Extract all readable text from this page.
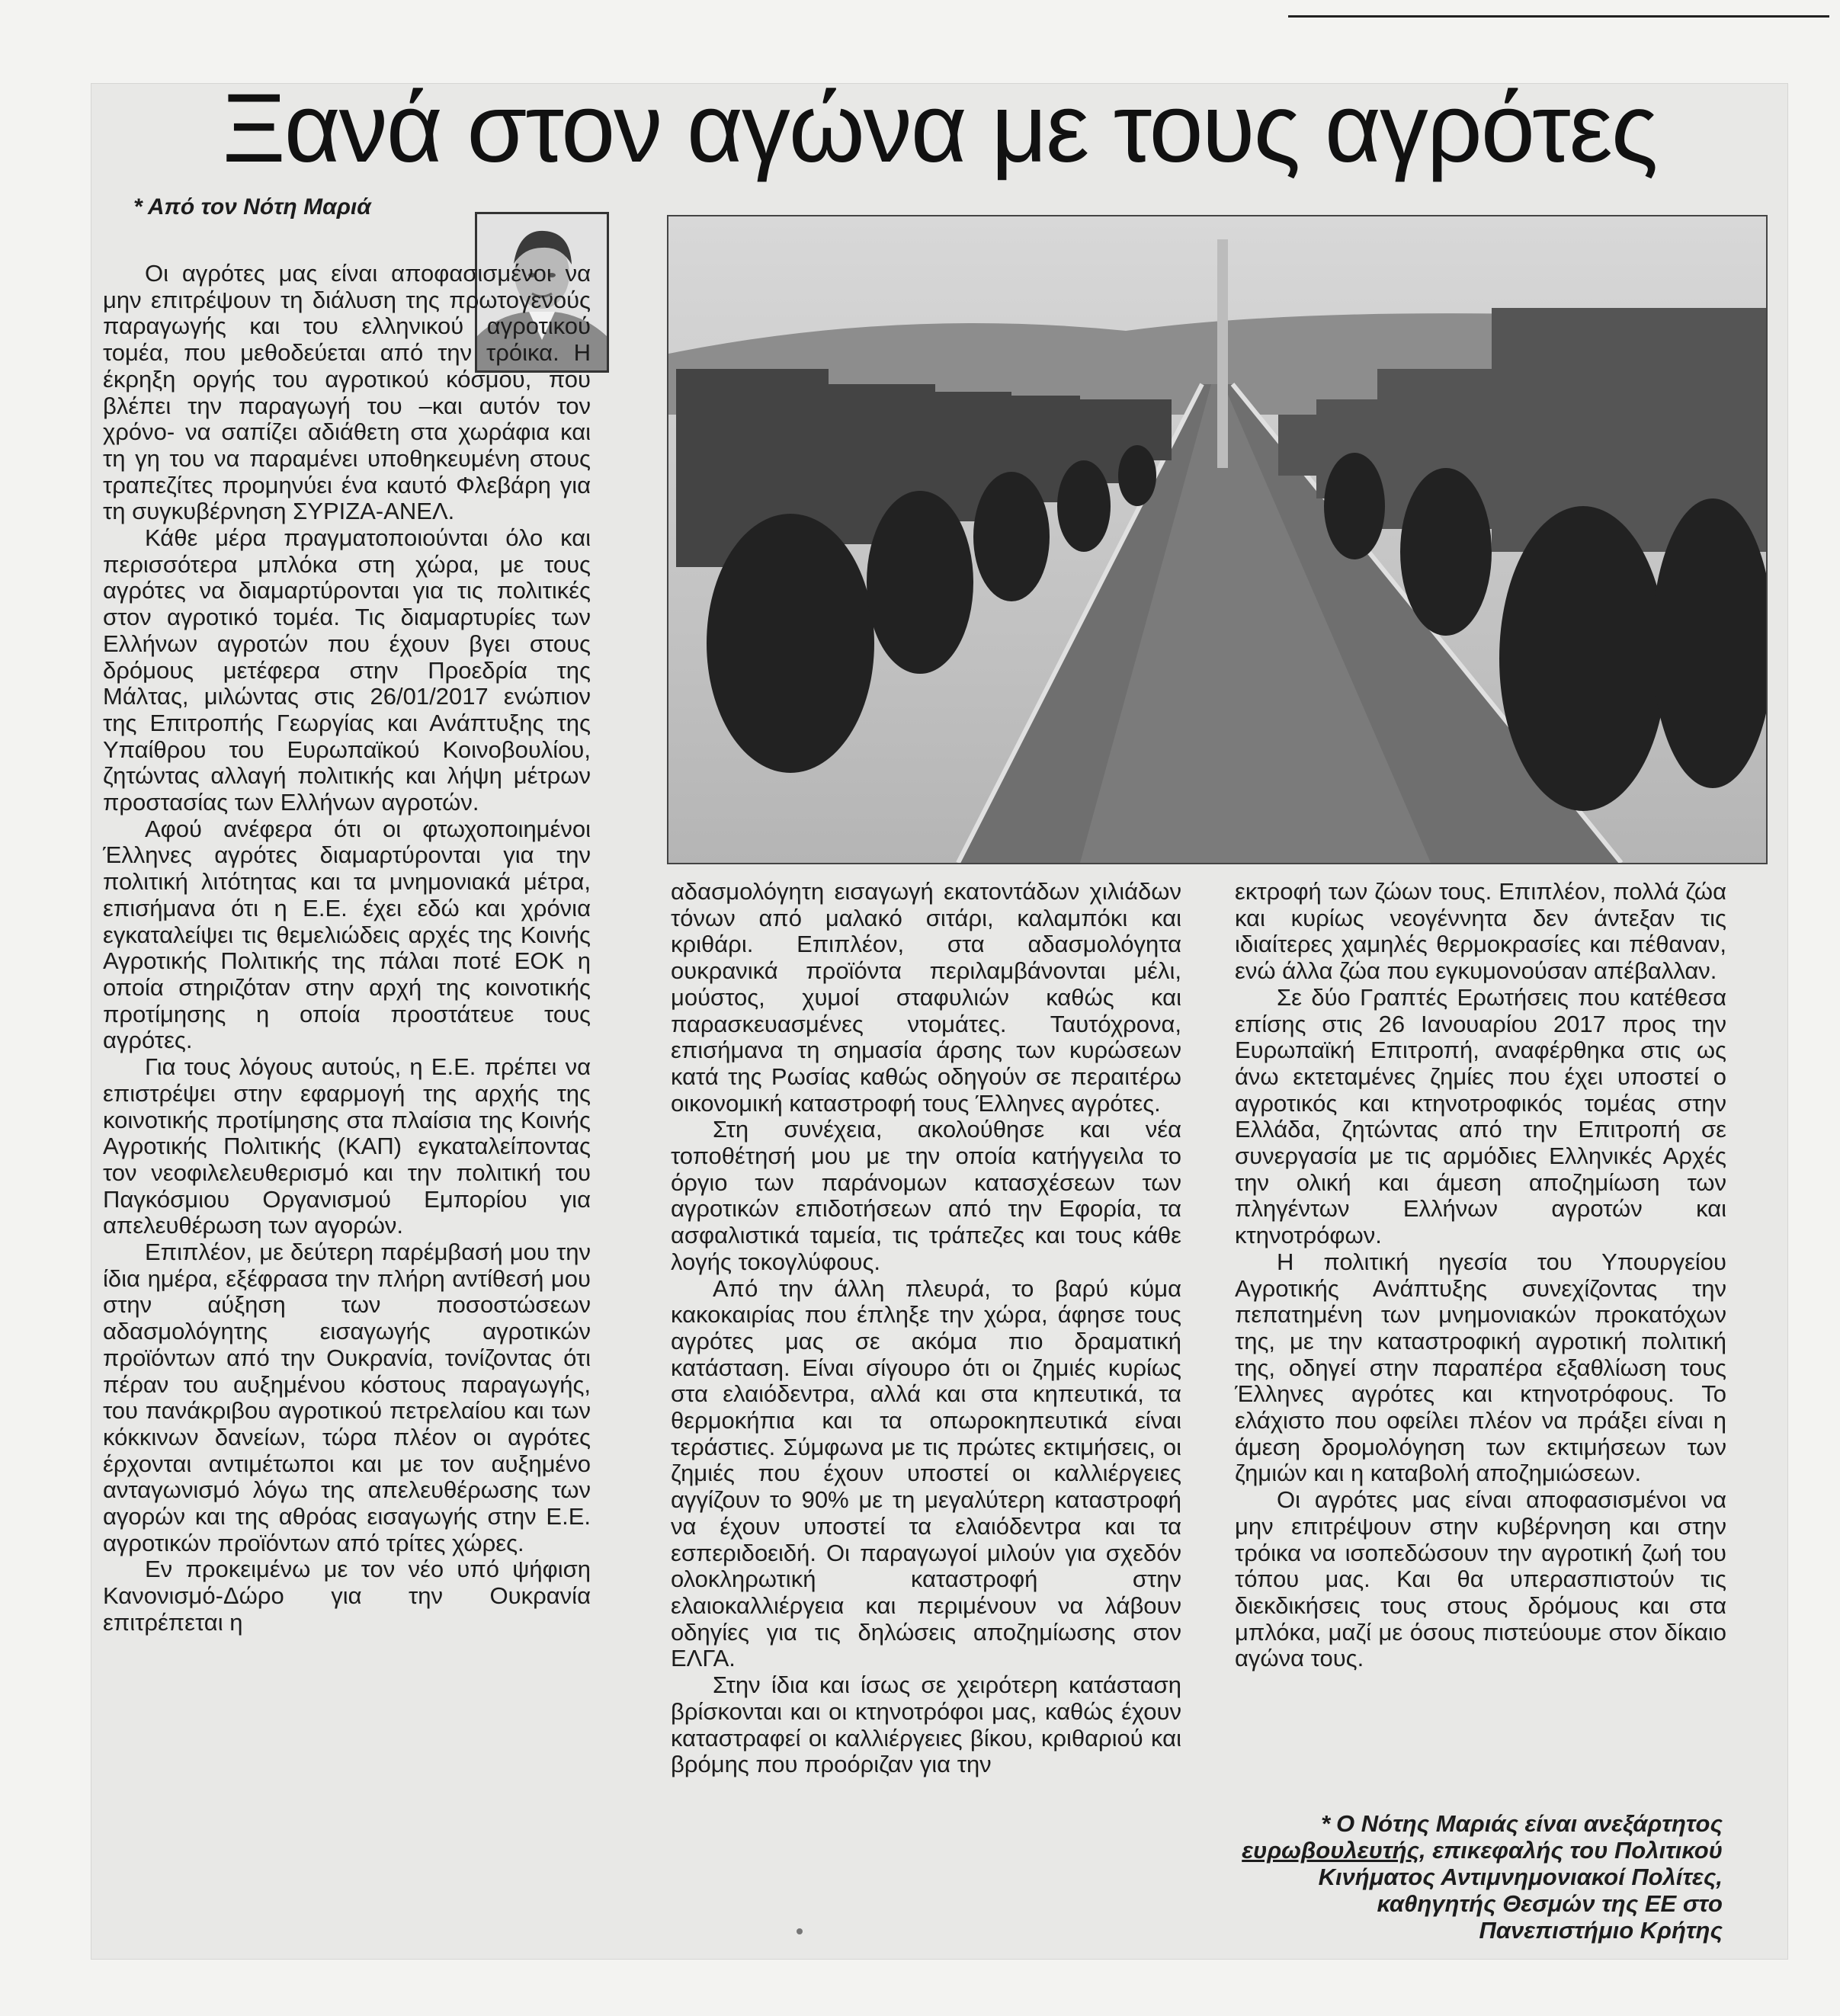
Ξανά στον αγώνα με τους αγρότες
* Από τον Νότη Μαριά

Οι αγρότες μας είναι αποφασισμένοι να μην επιτρέψουν τη διάλυση της πρωτογενούς παραγωγής και του ελληνικού αγροτικού τομέα, που μεθοδεύεται από την τρόικα. Η έκρηξη οργής του αγροτικού κόσμου, που βλέπει την παραγωγή του –και αυτόν τον χρόνο- να σαπίζει αδιάθετη στα χωράφια και τη γη του να παραμένει υποθηκευμένη στους τραπεζίτες προμηνύει ένα καυτό Φλεβάρη για τη συγκυβέρνηση ΣΥΡΙΖΑ-ΑΝΕΛ.

Κάθε μέρα πραγματοποιούνται όλο και περισσότερα μπλόκα στη χώρα, με τους αγρότες να διαμαρτύρονται για τις πολιτικές στον αγροτικό τομέα. Τις διαμαρτυρίες των Ελλήνων αγροτών που έχουν βγει στους δρόμους μετέφερα στην Προεδρία της Μάλτας, μιλώντας στις 26/01/2017 ενώπιον της Επιτροπής Γεωργίας και Ανάπτυξης της Υπαίθρου του Ευρωπαϊκού Κοινοβουλίου, ζητώντας αλλαγή πολιτικής και λήψη μέτρων προστασίας των Ελλήνων αγροτών.

Αφού ανέφερα ότι οι φτωχοποιημένοι Έλληνες αγρότες διαμαρτύρονται για την πολιτική λιτότητας και τα μνημονιακά μέτρα, επισήμανα ότι η Ε.Ε. έχει εδώ και χρόνια εγκαταλείψει τις θεμελιώδεις αρχές της Κοινής Αγροτικής Πολιτικής της πάλαι ποτέ ΕΟΚ η οποία στηριζόταν στην αρχή της κοινοτικής προτίμησης η οποία προστάτευε τους αγρότες.

Για τους λόγους αυτούς, η Ε.Ε. πρέπει να επιστρέψει στην εφαρμογή της αρχής της κοινοτικής προτίμησης στα πλαίσια της Κοινής Αγροτικής Πολιτικής (ΚΑΠ) εγκαταλείποντας τον νεοφιλελευθερισμό και την πολιτική του Παγκόσμιου Οργανισμού Εμπορίου για απελευθέρωση των αγορών.

Επιπλέον, με δεύτερη παρέμβασή μου την ίδια ημέρα, εξέφρασα την πλήρη αντίθεσή μου στην αύξηση των ποσοστώσεων αδασμολόγητης εισαγωγής αγροτικών προϊόντων από την Ουκρανία, τονίζοντας ότι πέραν του αυξημένου κόστους παραγωγής, του πανάκριβου αγροτικού πετρελαίου και των κόκκινων δανείων, τώρα πλέον οι αγρότες έρχονται αντιμέτωποι και με τον αυξημένο ανταγωνισμό λόγω της απελευθέρωσης των αγορών και της αθρόας εισαγωγής στην Ε.Ε. αγροτικών προϊόντων από τρίτες χώρες.

Εν προκειμένω με τον νέο υπό ψήφιση Κανονισμό-Δώρο για την Ουκρανία επιτρέπεται η

αδασμολόγητη εισαγωγή εκατοντάδων χιλιάδων τόνων από μαλακό σιτάρι, καλαμπόκι και κριθάρι. Επιπλέον, στα αδασμολόγητα ουκρανικά προϊόντα περιλαμβάνονται μέλι, μούστος, χυμοί σταφυλιών καθώς και παρασκευασμένες ντομάτες. Ταυτόχρονα, επισήμανα τη σημασία άρσης των κυρώσεων κατά της Ρωσίας καθώς οδηγούν σε περαιτέρω οικονομική καταστροφή τους Έλληνες αγρότες.

Στη συνέχεια, ακολούθησε και νέα τοποθέτησή μου με την οποία κατήγγειλα το όργιο των παράνομων κατασχέσεων των αγροτικών επιδοτήσεων από την Εφορία, τα ασφαλιστικά ταμεία, τις τράπεζες και τους κάθε λογής τοκογλύφους.

Από την άλλη πλευρά, το βαρύ κύμα κακοκαιρίας που έπληξε την χώρα, άφησε τους αγρότες μας σε ακόμα πιο δραματική κατάσταση. Είναι σίγουρο ότι οι ζημιές κυρίως στα ελαιόδεντρα, αλλά και στα κηπευτικά, τα θερμοκήπια και τα οπωροκηπευτικά είναι τεράστιες. Σύμφωνα με τις πρώτες εκτιμήσεις, οι ζημιές που έχουν υποστεί οι καλλιέργειες αγγίζουν το 90% με τη μεγαλύτερη καταστροφή να έχουν υποστεί τα ελαιόδεντρα και τα εσπεριδοειδή. Οι παραγωγοί μιλούν για σχεδόν ολοκληρωτική καταστροφή στην ελαιοκαλλιέργεια και περιμένουν να λάβουν οδηγίες για τις δηλώσεις αποζημίωσης στον ΕΛΓΑ.

Στην ίδια και ίσως σε χειρότερη κατάσταση βρίσκονται και οι κτηνοτρόφοι μας, καθώς έχουν καταστραφεί οι καλλιέργειες βίκου, κριθαριού και βρόμης που προόριζαν για την

εκτροφή των ζώων τους. Επιπλέον, πολλά ζώα και κυρίως νεογέννητα δεν άντεξαν τις ιδιαίτερες χαμηλές θερμοκρασίες και πέθαναν, ενώ άλλα ζώα που εγκυμονούσαν απέβαλλαν.

Σε δύο Γραπτές Ερωτήσεις που κατέθεσα επίσης στις 26 Ιανουαρίου 2017 προς την Ευρωπαϊκή Επιτροπή, αναφέρθηκα στις ως άνω εκτεταμένες ζημίες που έχει υποστεί ο αγροτικός και κτηνοτροφικός τομέας στην Ελλάδα, ζητώντας από την Επιτροπή σε συνεργασία με τις αρμόδιες Ελληνικές Αρχές την ολική και άμεση αποζημίωση των πληγέντων Ελλήνων αγροτών και κτηνοτρόφων.

Η πολιτική ηγεσία του Υπουργείου Αγροτικής Ανάπτυξης συνεχίζοντας την πεπατημένη των μνημονιακών προκατόχων της, με την καταστροφική αγροτική πολιτική της, οδηγεί στην παραπέρα εξαθλίωση τους Έλληνες αγρότες και κτηνοτρόφους. Το ελάχιστο που οφείλει πλέον να πράξει είναι η άμεση δρομολόγηση των εκτιμήσεων των ζημιών και η καταβολή αποζημιώσεων.

Οι αγρότες μας είναι αποφασισμένοι να μην επιτρέψουν στην κυβέρνηση και στην τρόικα να ισοπεδώσουν την αγροτική ζωή του τόπου μας. Και θα υπερασπιστούν τις διεκδικήσεις τους στους δρόμους και στα μπλόκα, μαζί με όσους πιστεύουμε στον δίκαιο αγώνα τους.

* Ο Νότης Μαριάς είναι ανεξάρτητος ευρωβουλευτής, επικεφαλής του Πολιτικού Κινήματος Αντιμνημονιακοί Πολίτες, καθηγητής Θεσμών της ΕΕ στο Πανεπιστήμιο Κρήτης
